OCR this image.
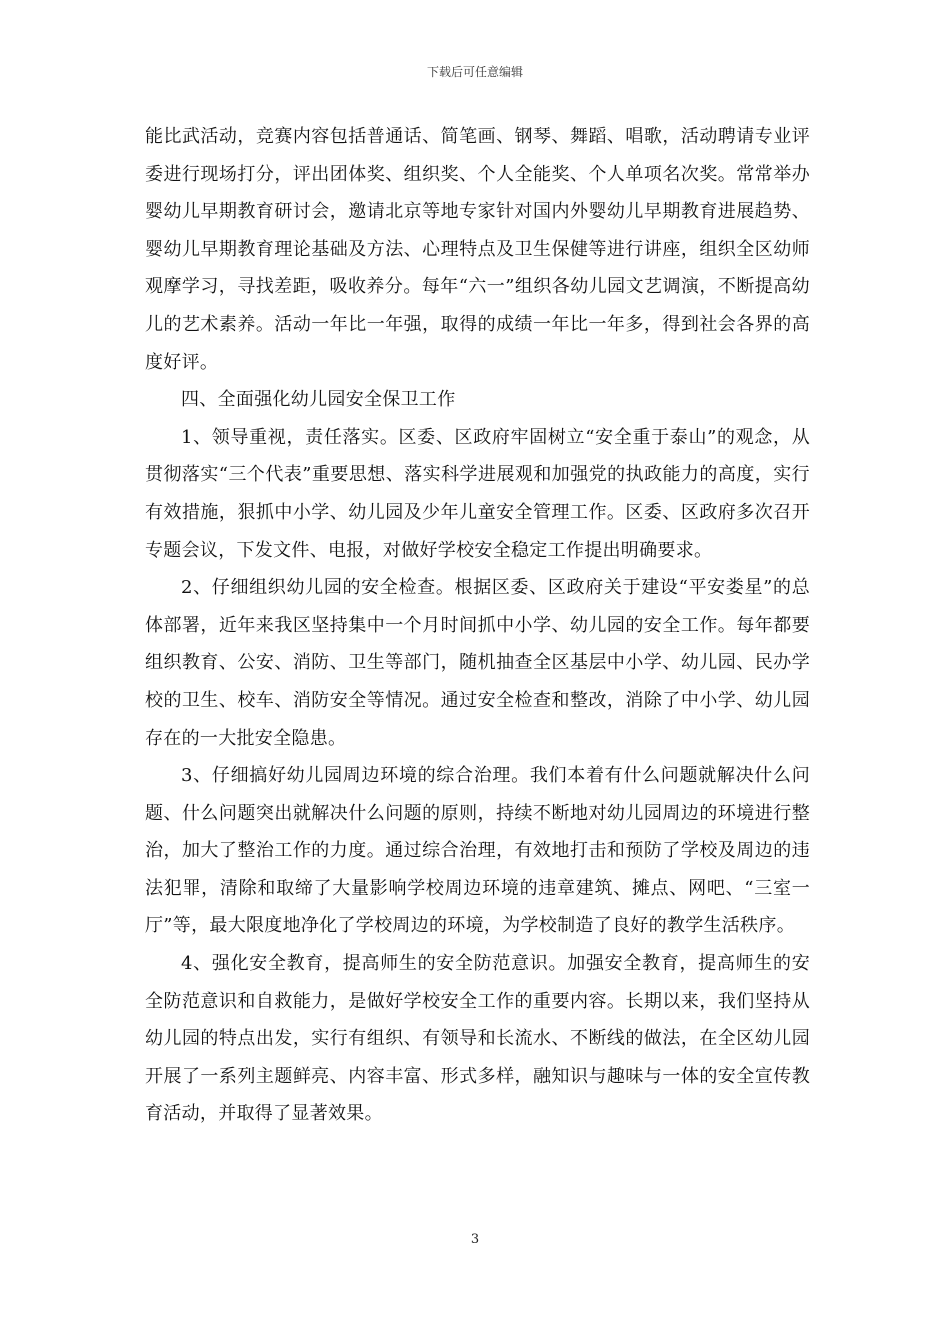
下载后可任意编辑

能比武活动，竞赛内容包括普通话、简笔画、钢琴、舞蹈、唱歌，活动聘请专业评委进行现场打分，评出团体奖、组织奖、个人全能奖、个人单项名次奖。常常举办婴幼儿早期教育研讨会，邀请北京等地专家针对国内外婴幼儿早期教育进展趋势、婴幼儿早期教育理论基础及方法、心理特点及卫生保健等进行讲座，组织全区幼师观摩学习，寻找差距，吸收养分。每年“六一”组织各幼儿园文艺调演，不断提高幼儿的艺术素养。活动一年比一年强，取得的成绩一年比一年多，得到社会各界的高度好评。

四、全面强化幼儿园安全保卫工作

1、领导重视，责任落实。区委、区政府牢固树立“安全重于泰山”的观念，从贯彻落实“三个代表”重要思想、落实科学进展观和加强党的执政能力的高度，实行有效措施，狠抓中小学、幼儿园及少年儿童安全管理工作。区委、区政府多次召开专题会议，下发文件、电报，对做好学校安全稳定工作提出明确要求。

2、仔细组织幼儿园的安全检查。根据区委、区政府关于建设“平安娄星”的总体部署，近年来我区坚持集中一个月时间抓中小学、幼儿园的安全工作。每年都要组织教育、公安、消防、卫生等部门，随机抽查全区基层中小学、幼儿园、民办学校的卫生、校车、消防安全等情况。通过安全检查和整改，消除了中小学、幼儿园存在的一大批安全隐患。

3、仔细搞好幼儿园周边环境的综合治理。我们本着有什么问题就解决什么问题、什么问题突出就解决什么问题的原则，持续不断地对幼儿园周边的环境进行整治，加大了整治工作的力度。通过综合治理，有效地打击和预防了学校及周边的违法犯罪，清除和取缔了大量影响学校周边环境的违章建筑、摊点、网吧、“三室一厅”等，最大限度地净化了学校周边的环境，为学校制造了良好的教学生活秩序。

4、强化安全教育，提高师生的安全防范意识。加强安全教育，提高师生的安全防范意识和自救能力，是做好学校安全工作的重要内容。长期以来，我们坚持从幼儿园的特点出发，实行有组织、有领导和长流水、不断线的做法，在全区幼儿园开展了一系列主题鲜亮、内容丰富、形式多样，融知识与趣味与一体的安全宣传教育活动，并取得了显著效果。

3
